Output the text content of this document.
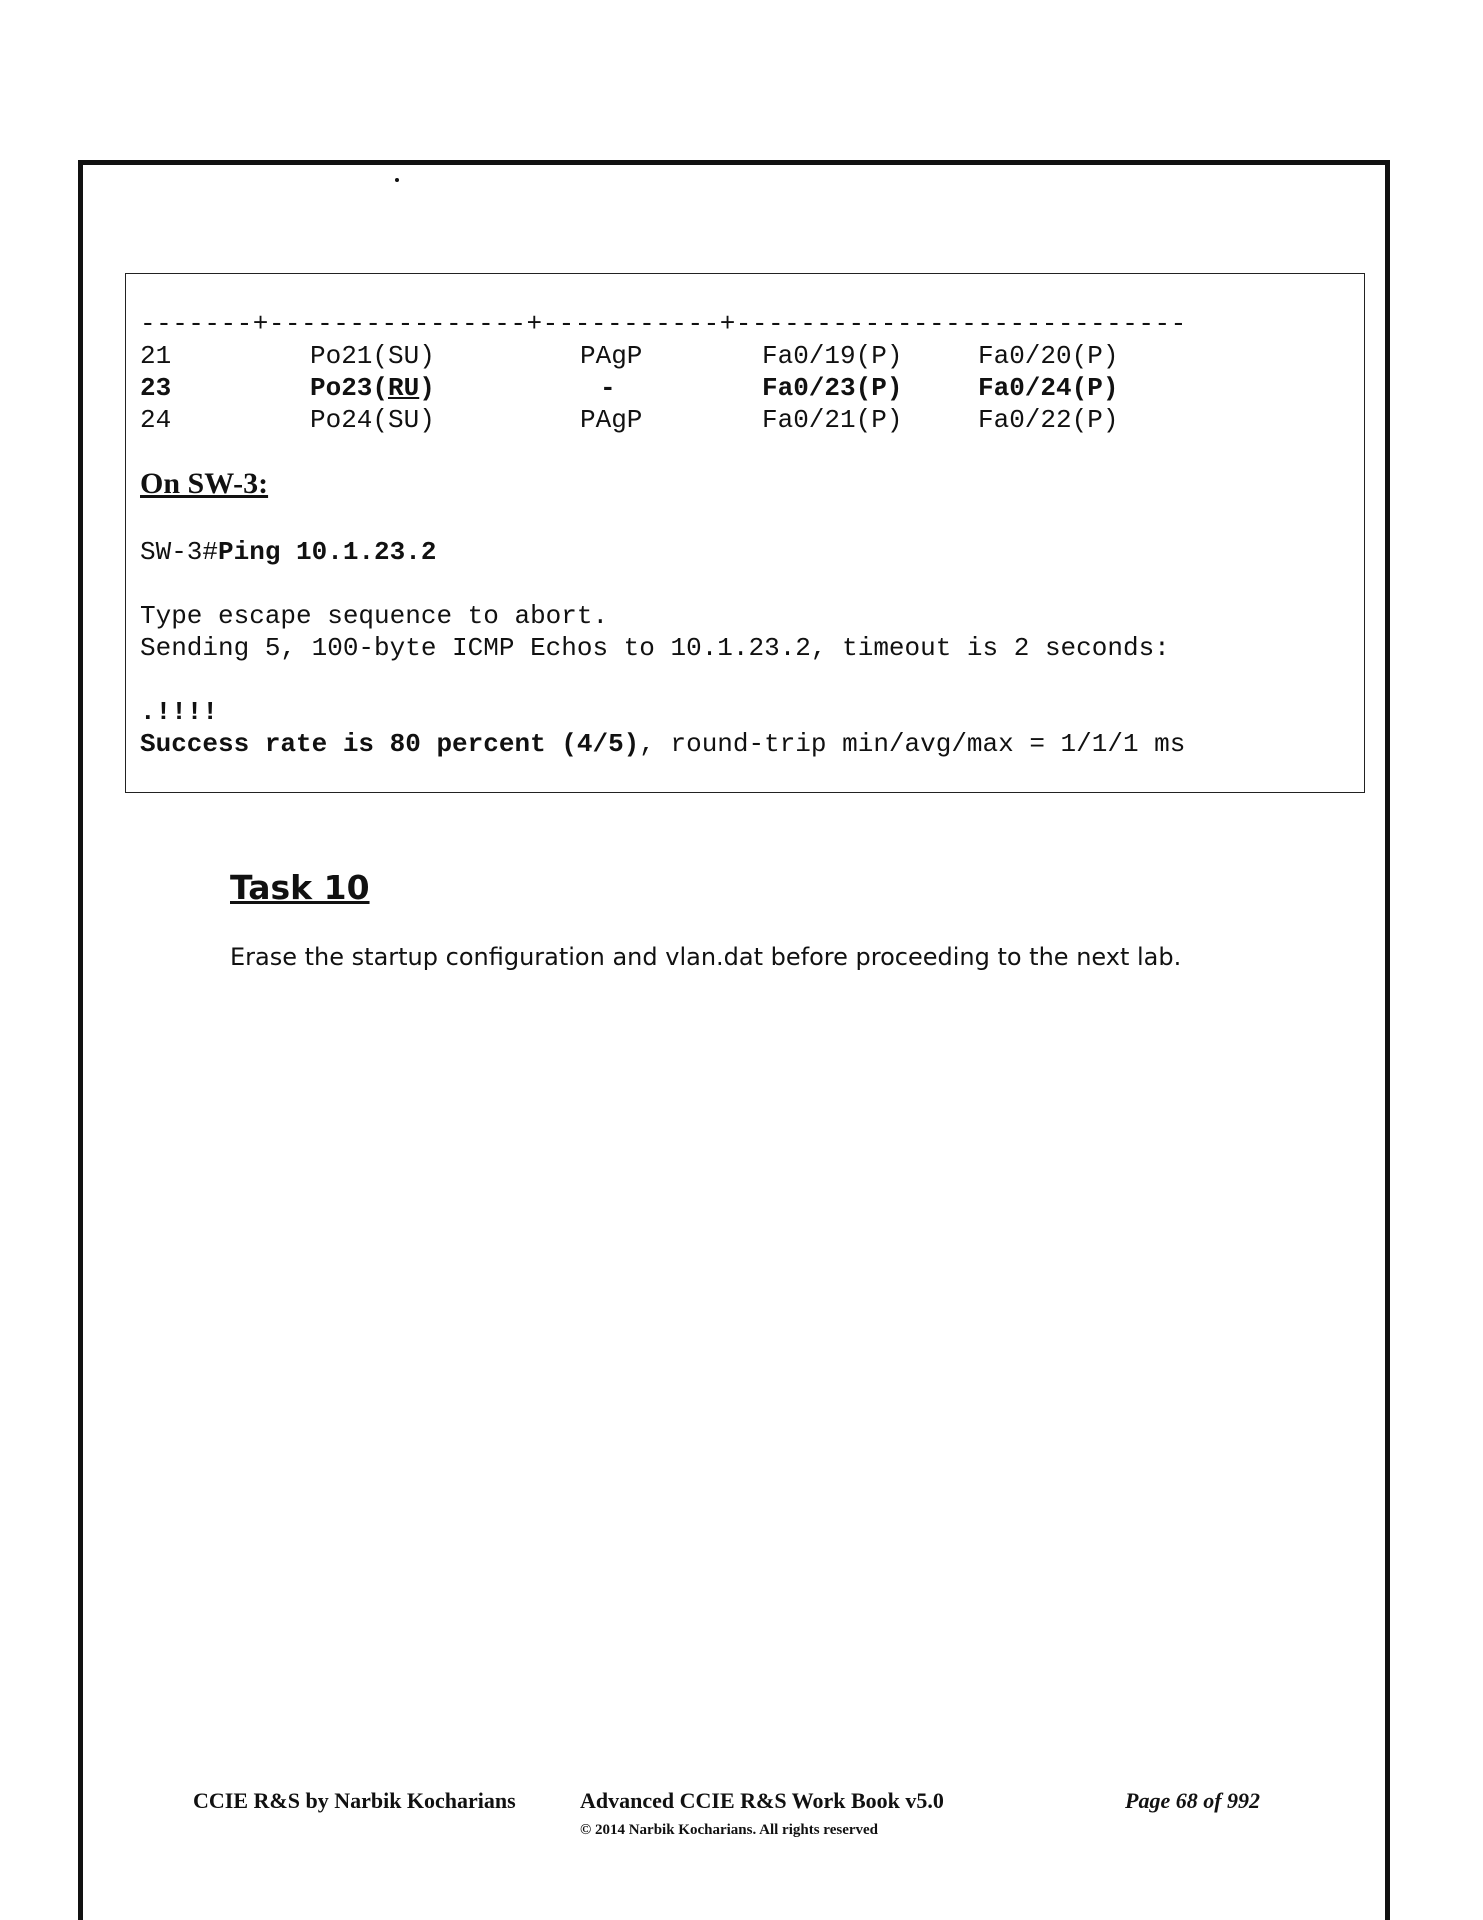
-------+----------------+-----------+----------------------------
21	Po21(SU)	PAgP	Fa0/19(P)	Fa0/20(P)
23	Po23(RU)	-	Fa0/23(P)	Fa0/24(P)
24	Po24(SU)	PAgP	Fa0/21(P)	Fa0/22(P)
On SW-3:
SW-3#Ping 10.1.23.2
Type escape sequence to abort.
Sending 5, 100-byte ICMP Echos to 10.1.23.2, timeout is 2 seconds:
.!!!!
Success rate is 80 percent (4/5), round-trip min/avg/max = 1/1/1 ms
Task 10
Erase the startup configuration and vlan.dat before proceeding to the next lab.
CCIE R&S by Narbik Kocharians	Advanced CCIE R&S Work Book v5.0
© 2014 Narbik Kocharians. All rights reserved
Page 68 of 992
